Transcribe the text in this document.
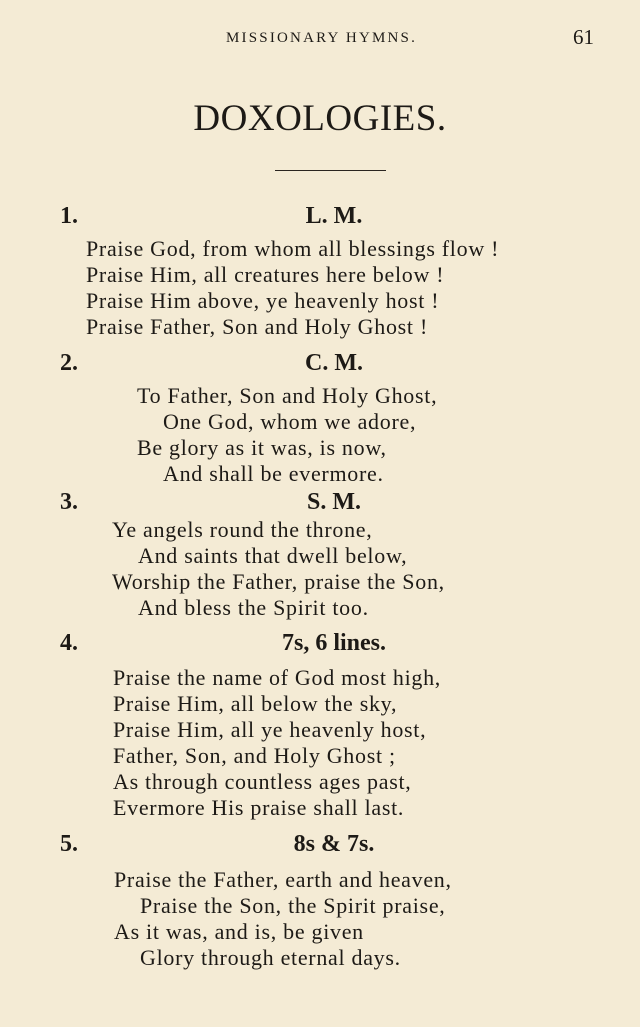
MISSIONARY HYMNS.	61
DOXOLOGIES.
1.	L. M.
Praise God, from whom all blessings flow !
Praise Him, all creatures here below !
Praise Him above, ye heavenly host !
Praise Father, Son and Holy Ghost !
2.	C. M.
To Father, Son and Holy Ghost,
One God, whom we adore,
Be glory as it was, is now,
And shall be evermore.
3.	S. M.
Ye angels round the throne,
And saints that dwell below,
Worship the Father, praise the Son,
And bless the Spirit too.
4.	7s, 6 lines.
Praise the name of God most high,
Praise Him, all below the sky,
Praise Him, all ye heavenly host,
Father, Son, and Holy Ghost ;
As through countless ages past,
Evermore His praise shall last.
5.	8s & 7s.
Praise the Father, earth and heaven,
Praise the Son, the Spirit praise,
As it was, and is, be given
Glory through eternal days.
